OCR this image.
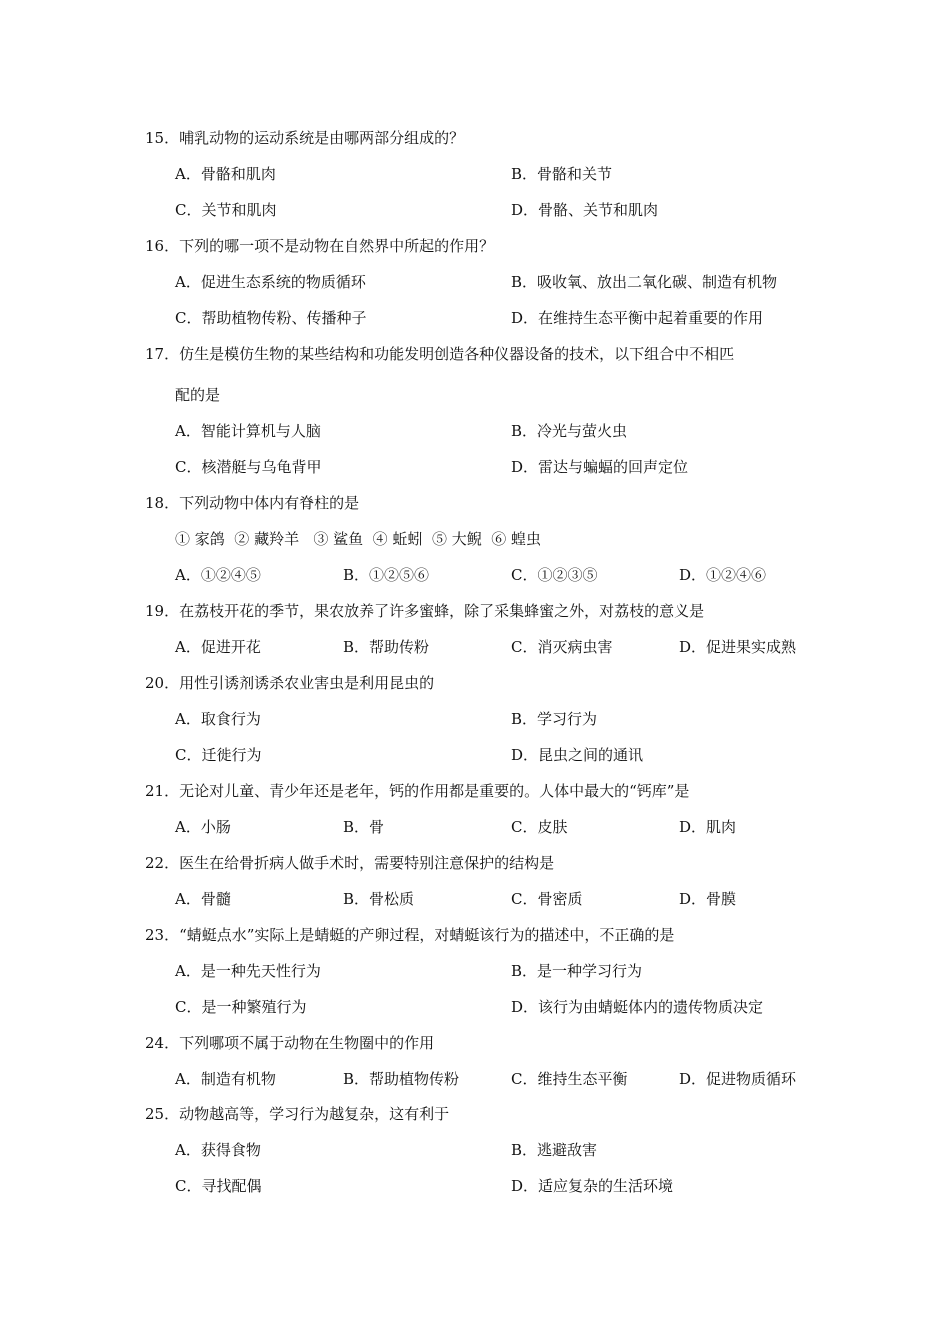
15．哺乳动物的运动系统是由哪两部分组成的？
A．骨骼和肌肉	B．骨骼和关节
C．关节和肌肉	D．骨骼、关节和肌肉
16．下列的哪一项不是动物在自然界中所起的作用？
A．促进生态系统的物质循环	B．吸收氧、放出二氧化碳、制造有机物
C．帮助植物传粉、传播种子	D．在维持生态平衡中起着重要的作用
17．仿生是模仿生物的某些结构和功能发明创造各种仪器设备的技术，以下组合中不相匹
配的是
A．智能计算机与人脑	B．冷光与萤火虫
C．核潜艇与乌龟背甲	D．雷达与蝙蝠的回声定位
18．下列动物中体内有脊柱的是
① 家鸽  ② 藏羚羊   ③ 鲨鱼  ④ 蚯蚓  ⑤ 大鲵  ⑥ 蝗虫
A．①②④⑤	B．①②⑤⑥	C．①②③⑤	D．①②④⑥
19．在荔枝开花的季节，果农放养了许多蜜蜂，除了采集蜂蜜之外，对荔枝的意义是
A．促进开花	B．帮助传粉	C．消灭病虫害	D．促进果实成熟
20．用性引诱剂诱杀农业害虫是利用昆虫的
A．取食行为	B．学习行为
C．迁徙行为	D．昆虫之间的通讯
21．无论对儿童、青少年还是老年，钙的作用都是重要的。人体中最大的“钙库”是
A．小肠	B．骨	C．皮肤	D．肌肉
22．医生在给骨折病人做手术时，需要特别注意保护的结构是
A．骨髓	B．骨松质	C．骨密质	D．骨膜
23．“蜻蜓点水”实际上是蜻蜓的产卵过程，对蜻蜓该行为的描述中，不正确的是
A．是一种先天性行为	B．是一种学习行为
C．是一种繁殖行为	D．该行为由蜻蜓体内的遗传物质决定
24．下列哪项不属于动物在生物圈中的作用
A．制造有机物	B．帮助植物传粉	C．维持生态平衡	D．促进物质循环
25．动物越高等，学习行为越复杂，这有利于
A．获得食物	B．逃避敌害
C．寻找配偶	D．适应复杂的生活环境
